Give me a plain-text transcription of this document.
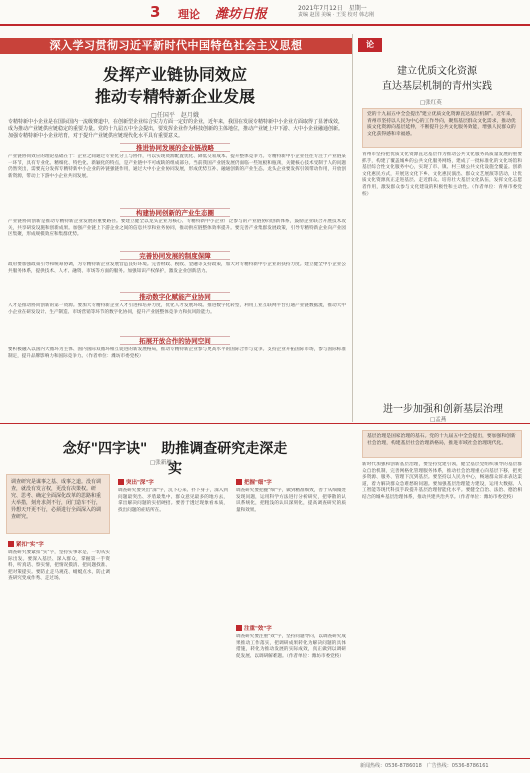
3 理论 潍坊日报	2021年7月12日　星期一
责编 赵国 美编 · 王雯 校对 韩志刚
深入学习贯彻习近平新时代中国特色社会主义思想
发挥产业链协同效应
推动专精特新企业发展
□任国平　赵月娥
专精特新中小企业是在国际国内一流级赛道中，在创新型企业综合实力方面一定好的企业，近年来，我国在发展专精特新中小企业方面取得了显著成效，成为推动产业链供应链稳定的重要力量。党的十九届五中全会提出，要发挥企业作为科技创新的主体地位，推动产业链上中下游、大中小企业融通创新。加强专精特新中小企业培育，对于提升产业链供应链现代化水平具有重要意义。
推进协同发展的企业链战略
产业链协同效应的理论基础在于：企业之间通过专业化分工与协作，可以实现资源配置优化、降低交易成本、提升整体竞争力。专精特新中小企业往往专注于产业链某一环节，具有专业化、精细化、特色化、新颖化的特点，是产业链中不可或缺的组成部分。当前我国产业链发展仍面临一些短板和瓶颈，关键核心技术受制于人的问题仍然突出，需要充分发挥专精特新中小企业的补链强链作用，通过大中小企业协同发展，形成优势互补、融通创新的产业生态。龙头企业要发挥引领带动作用，开放创新资源，带动上下游中小企业共同发展。
构建协同创新的产业生态圈
产业链协同创新是推动专精特新企业发展的重要路径。要建立健全以龙头企业为核心、专精特新中小企业广泛参与的产业链协同创新体系，鼓励企业联合开展技术攻关，共享研发设施和创新成果。加强产业链上下游企业之间的信息共享和业务协同，推动供应链整体效率提升。要完善产业集群发展政策，引导专精特新企业向产业园区集聚，形成规模效应和集群优势。
完善协同发展的制度保障
政府要加强政策引导和统筹协调，为专精特新企业发展营造良好环境。完善财政、税收、金融等支持政策，加大对专精特新中小企业的扶持力度。建立健全中小企业公共服务体系，提供技术、人才、融资、市场等方面的服务。加强知识产权保护，激发企业创新活力。
推动数字化赋能产业协同
人才是推动协同创新的第一资源。要加大专精特新企业人才引进和培养力度，优化人才发展环境。推进数字化转型，利用工业互联网平台打通产业链数据流，推动大中小企业在研发设计、生产制造、市场营销等环节的数字化协同，提升产业链整体竞争力和抗风险能力。
拓展开放合作的协同空间
要积极融入以国内大循环为主体、国内国际双循环相互促进的新发展格局，推动专精特新企业参与更高水平的国际合作与竞争。支持企业开拓国际市场，参与国际标准制定，提升品牌影响力和国际竞争力。（作者单位：潍坊市委党校）
论
建立优质文化资源
直达基层机制的青州实践
□张红英
党的十九届五中全会提出"建立优质文化资源直达基层机制"。近年来，青州市坚持以人民为中心的工作导向，聚焦基层群众文化需求，推动优质文化资源向基层延伸，不断提升公共文化服务效能，增强人民群众的文化获得感和幸福感。
青州市坚持把优质文化资源直达基层作为推动公共文化服务高质量发展的重要抓手，构建了覆盖城乡的公共文化服务网络，建成了一批标准化的文化场馆和基层综合性文化服务中心，实现了市、镇、村三级公共文化设施全覆盖。创新文化惠民方式，开展送文化下乡、文化惠民演出、群众文艺展演等活动，让优质文化资源真正走进基层、走近群众。培育壮大基层文化队伍，发挥文化志愿者作用，激发群众参与文化建设的积极性和主动性。（作者单位：青州市委党校）
进一步加强和创新基层治理
□孟燕
念好"四字诀"　助推调查研究走深走实
□张新雁
调查研究是谋事之基、成事之道。没有调查，就没有发言权，更没有决策权。研究、思考、确定全面深化改革的思路和重大举措，刻舟求剑不行，闭门造车不行，异想天开更不行，必须进行全面深入的调查研究。
紧扣"实"字
调查研究要紧扣"实"字，坚持实事求是，一切从实际出发。要深入基层、深入群众，掌握第一手资料，听真话、察实情，把情况摸清、把问题找准、把对策提实。要防止走马观花、蜻蜓点水，防止调查研究变成作秀、走过场。
突出"深"字
调查研究要突出"深"字，沉下心来、扑下身子，深入到问题最突出、矛盾最集中、群众意见最多的地方去，拿出解决问题的实招硬招。要善于透过现象看本质，找出问题的症结所在。
把握"细"字
调查研究要把握"细"字，做到精准细致，善于从细微处发现问题，运用科学方法进行分析研究，把零散的认识系统化，把粗浅的认识深刻化，提高调查研究的质量和效果。
注重"效"字
调查研究要注重"效"字，坚持问题导向，以调查研究成果推动工作落实，把调研成果转化为解决问题的具体措施，转化为推动发展的实际成效，真正做到以调研促发展、以调研解难题。（作者单位：潍坊市委党校）
基层治理是国家治理的基石。党的十九届五中全会提出，要加强和创新社会治理，构建基层社会治理新格局，推进市域社会治理现代化。
新时代加强和创新基层治理，要坚持党建引领，健全基层党组织领导的基层群众自治机制，完善网格化管理服务体系，推动社会治理重心向基层下移，把更多资源、服务、管理下沉到基层。要坚持以人民为中心，畅通群众诉求表达渠道，着力解决群众急难愁盼问题。要加强基层治理能力建设，运用大数据、人工智能等现代科技手段提升基层治理智能化水平。要健全自治、法治、德治相结合的城乡基层治理体系，推动共建共治共享。（作者单位：潍坊市委党校）
新闻热线：0536-8786018　广告热线：0536-8786161
